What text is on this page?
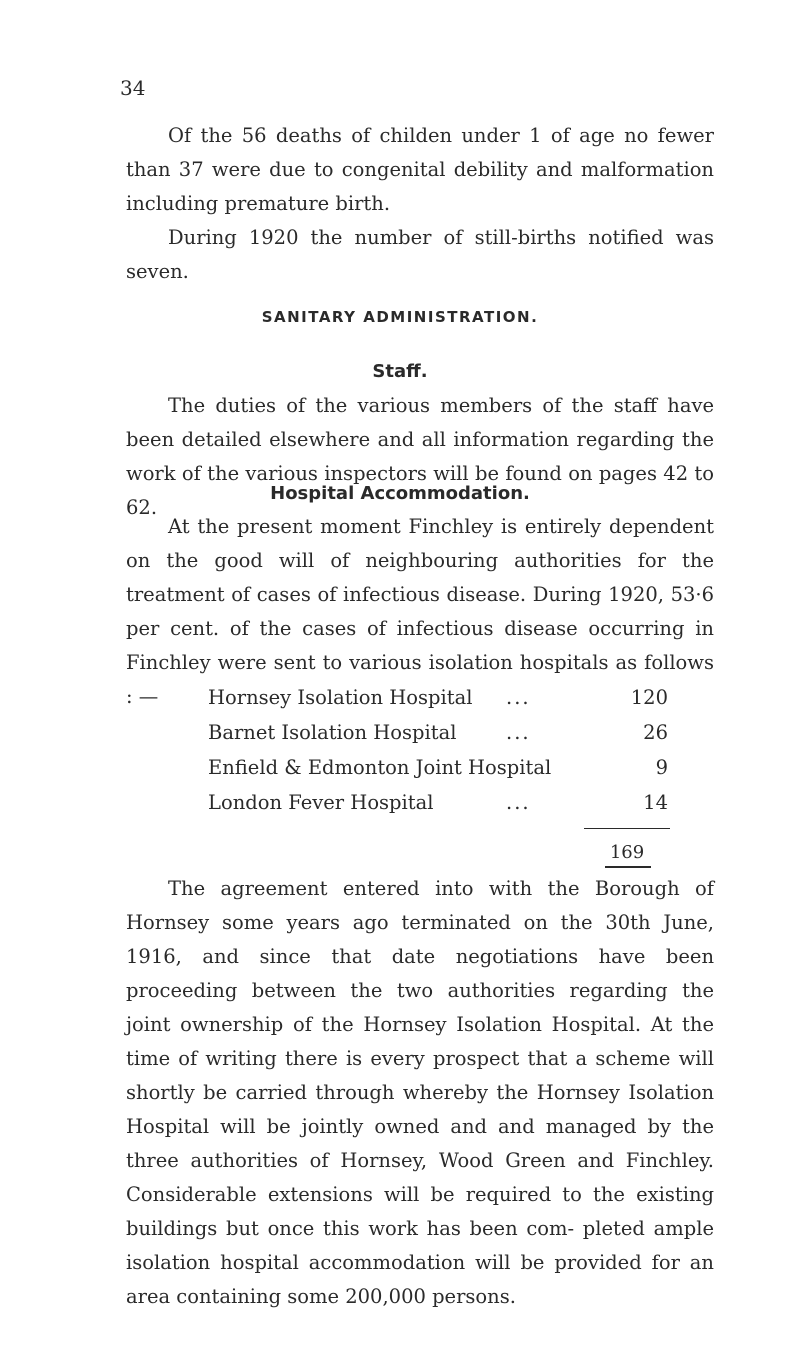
34

Of the 56 deaths of childen under 1 of age no fewer than 37 were due to congenital debility and malformation including premature birth.

During 1920 the number of still-births notified was seven.

SANITARY ADMINISTRATION.
Staff.

The duties of the various members of the staff have been detailed elsewhere and all information regarding the work of the various inspectors will be found on pages 42 to 62.

Hospital Accommodation.

At the present moment Finchley is entirely dependent on the good will of neighbouring authorities for the treatment of cases of infectious disease. During 1920, 53·6 per cent. of the cases of infectious disease occurring in Finchley were sent to various isolation hospitals as follows : —	Hornsey Isolation Hospital ...	120
Barnet Isolation Hospital	...	26
Enfield & Edmonton Joint Hospital	9
London Fever Hospital	...	14
169

The agreement entered into with the Borough of Hornsey some years ago terminated on the 30th June, 1916, and since that date negotiations have been proceeding between the two authorities regarding the joint ownership of the Hornsey Isolation Hospital. At the time of writing there is every prospect that a scheme will shortly be carried through whereby the Hornsey Isolation Hospital will be jointly owned and and managed by the three authorities of Hornsey, Wood Green and Finchley. Considerable extensions will be required to the existing buildings but once this work has been com- pleted ample isolation hospital accommodation will be provided for an area containing some 200,000 persons.
